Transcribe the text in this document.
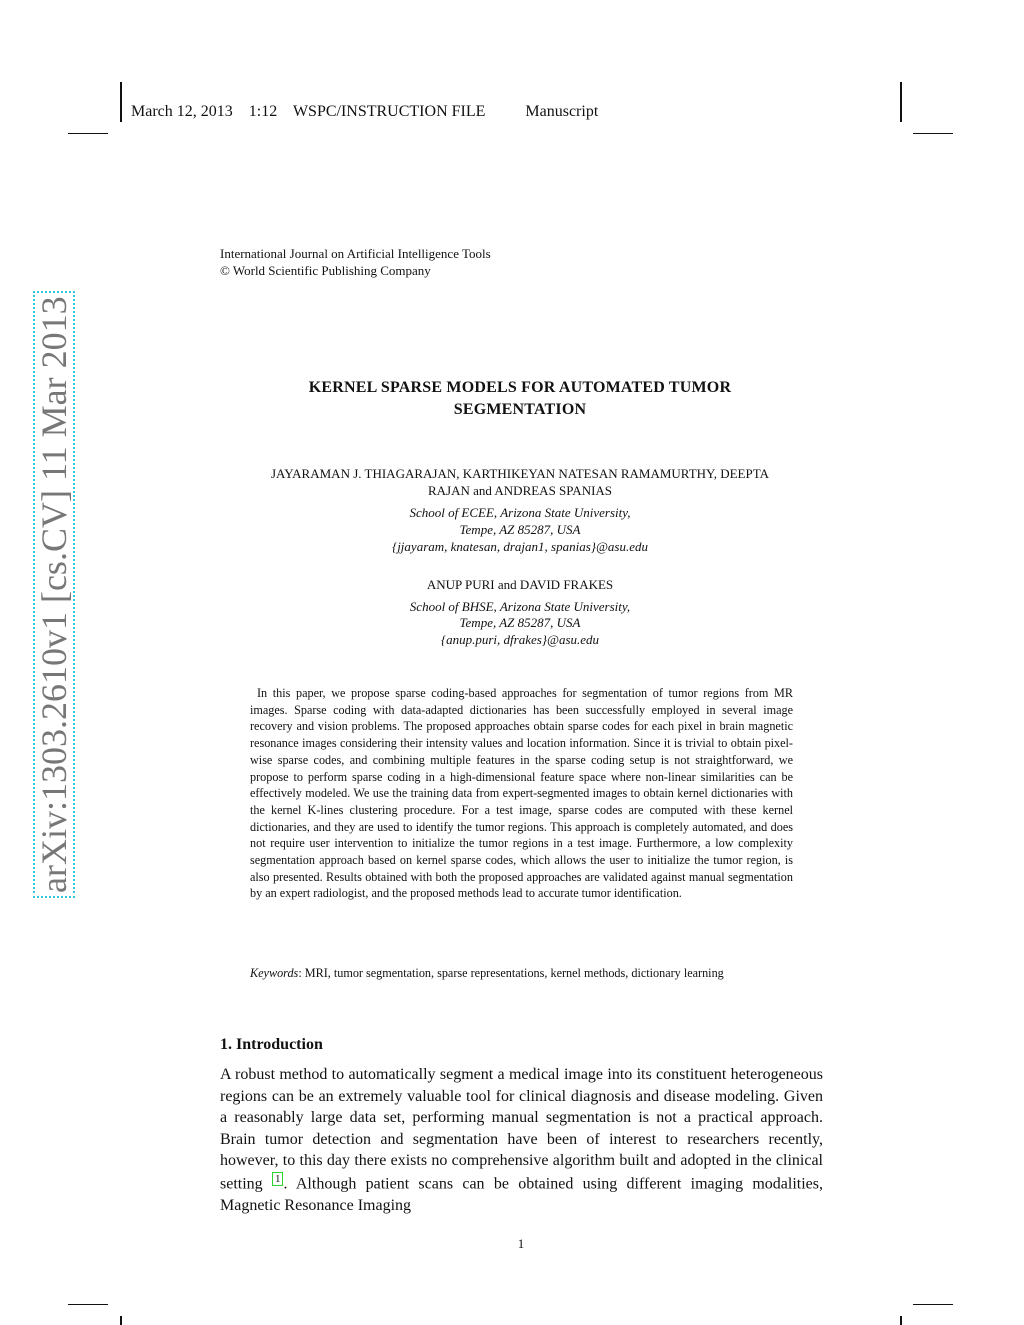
March 12, 2013 1:12 WSPC/INSTRUCTION FILE	Manuscript
arXiv:1303.2610v1 [cs.CV] 11 Mar 2013
International Journal on Artificial Intelligence Tools
© World Scientific Publishing Company
KERNEL SPARSE MODELS FOR AUTOMATED TUMOR
SEGMENTATION
JAYARAMAN J. THIAGARAJAN, KARTHIKEYAN NATESAN RAMAMURTHY, DEEPTA
RAJAN and ANDREAS SPANIAS
School of ECEE, Arizona State University,
Tempe, AZ 85287, USA
{jjayaram, knatesan, drajan1, spanias}@asu.edu
ANUP PURI and DAVID FRAKES
School of BHSE, Arizona State University,
Tempe, AZ 85287, USA
{anup.puri, dfrakes}@asu.edu
In this paper, we propose sparse coding-based approaches for segmentation of tumor regions from MR images. Sparse coding with data-adapted dictionaries has been successfully employed in several image recovery and vision problems. The proposed approaches obtain sparse codes for each pixel in brain magnetic resonance images considering their intensity values and location information. Since it is trivial to obtain pixel-wise sparse codes, and combining multiple features in the sparse coding setup is not straightforward, we propose to perform sparse coding in a high-dimensional feature space where non-linear similarities can be effectively modeled. We use the training data from expert-segmented images to obtain kernel dictionaries with the kernel K-lines clustering procedure. For a test image, sparse codes are computed with these kernel dictionaries, and they are used to identify the tumor regions. This approach is completely automated, and does not require user intervention to initialize the tumor regions in a test image. Furthermore, a low complexity segmentation approach based on kernel sparse codes, which allows the user to initialize the tumor region, is also presented. Results obtained with both the proposed approaches are validated against manual segmentation by an expert radiologist, and the proposed methods lead to accurate tumor identification.
Keywords: MRI, tumor segmentation, sparse representations, kernel methods, dictionary learning
1. Introduction
A robust method to automatically segment a medical image into its constituent heterogeneous regions can be an extremely valuable tool for clinical diagnosis and disease modeling. Given a reasonably large data set, performing manual segmentation is not a practical approach. Brain tumor detection and segmentation have been of interest to researchers recently, however, to this day there exists no comprehensive algorithm built and adopted in the clinical setting 1 . Although patient scans can be obtained using different imaging modalities, Magnetic Resonance Imaging
1
